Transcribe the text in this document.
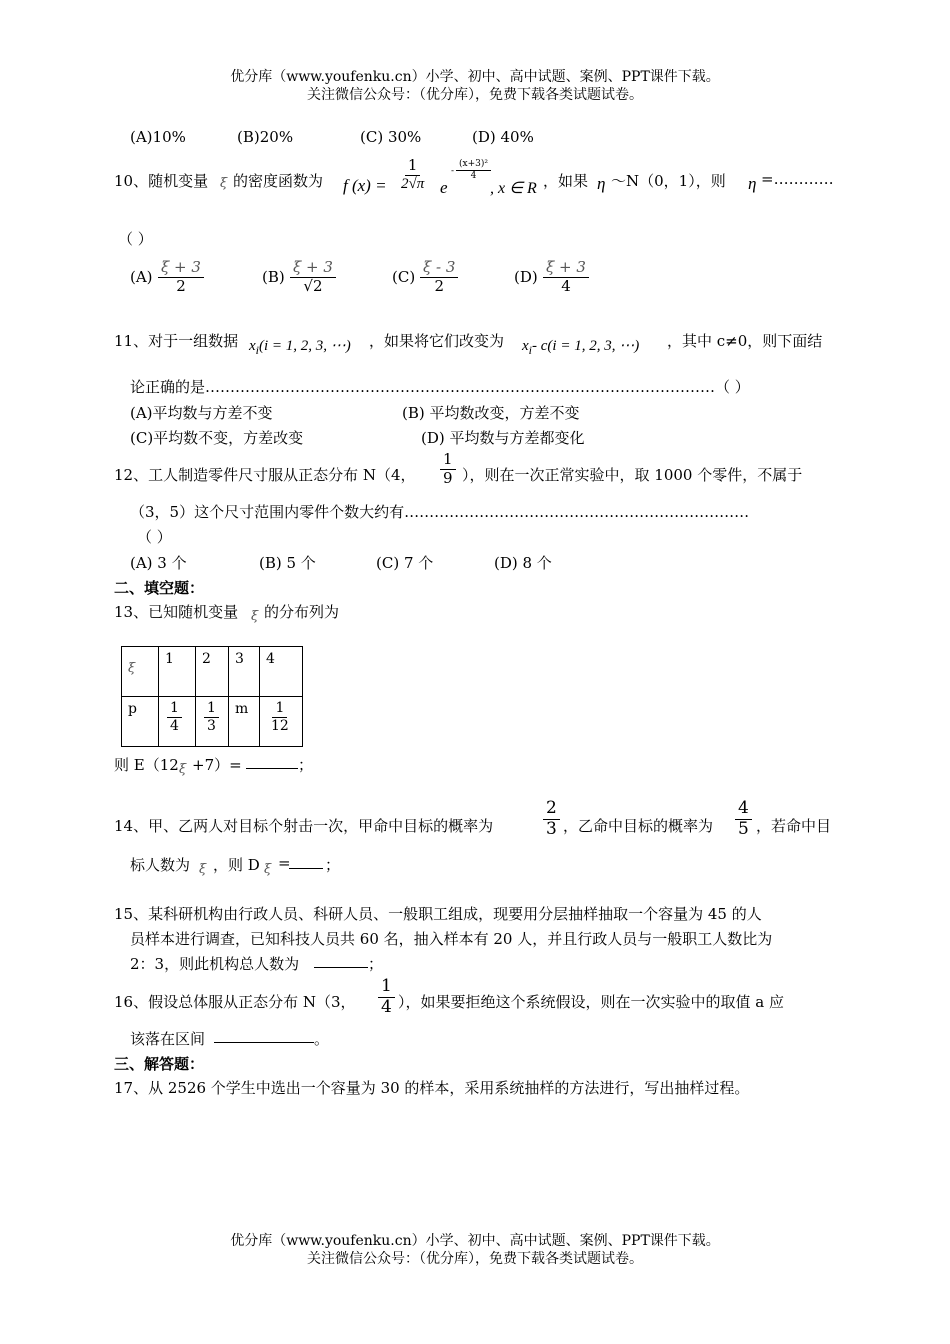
优分库（www.youfenku.cn）小学、初中、高中试题、案例、PPT课件下载。
关注微信公众号：（优分库），免费下载各类试题试卷。
(A)10%	(B)20%	(C) 30%	(D) 40%
10、随机变量 ξ 的密度函数为 f $(x) = \frac{1}{2√\pi}$ e
- $\frac{\text{(x+3)²}}{4}$
, x ∈ R ，如果 η ～N（0，1），则 η =…………
（ ）
$(A) \frac{\xi + 3}{2}$	$(B) \frac{\xi + 3}{√2}$	$(C) \frac{\xi - 3}{2}$	$(D) \frac{\xi + 3}{4}$
11、对于一组数据 $x_i(i = 1$, 2, 3, ⋯) ，如果将它们改变为 $x_i-$ c(i = 1, 2, 3, ⋯) ，其中 c≠0，则下面结
论正确的是…………………………………………………………………………………………（ ）
(A)平均数与方差不变	(B) 平均数改变，方差不变
(C)平均数不变，方差改变	(D) 平均数与方差都变化
12、工人制造零件尺寸服从正态分布 N（4， $\frac{1}{9}$ ），则在一次正常实验中，取 1000 个零件，不属于
（3，5）这个尺寸范围内零件个数大约有……………………………………………………………
（ ）
(A) 3 个	(B) 5 个	(C) 7 个	(D) 8 个
二、填空题：
13、已知随机变量 ξ 的分布列为
ξ	1	2	3	4
p	$\frac{1}{4}$	$\frac{1}{3}$	m	$\frac{1}{12}$
则 E（12 ξ +7）=	；
14、甲、乙两人对目标个射击一次，甲命中目标的概率为	$\frac{2}{3}$ ，乙命中目标的概率为 $\frac{4}{5}$ ，若命中目
标人数为 ξ ，则 D ξ = ；
15、某科研机构由行政人员、科研人员、一般职工组成，现要用分层抽样抽取一个容量为 45 的人
员样本进行调查，已知科技人员共 60 名，抽入样本有 20 人，并且行政人员与一般职工人数比为
2：3，则此机构总人数为	；
16、假设总体服从正态分布 N（3， $\frac{1}{4}$ ），如果要拒绝这个系统假设，则在一次实验中的取值 a 应
该落在区间	。
三、解答题：
17、从 2526 个学生中选出一个容量为 30 的样本，采用系统抽样的方法进行，写出抽样过程。
优分库（www.youfenku.cn）小学、初中、高中试题、案例、PPT课件下载。
关注微信公众号：（优分库），免费下载各类试题试卷。
